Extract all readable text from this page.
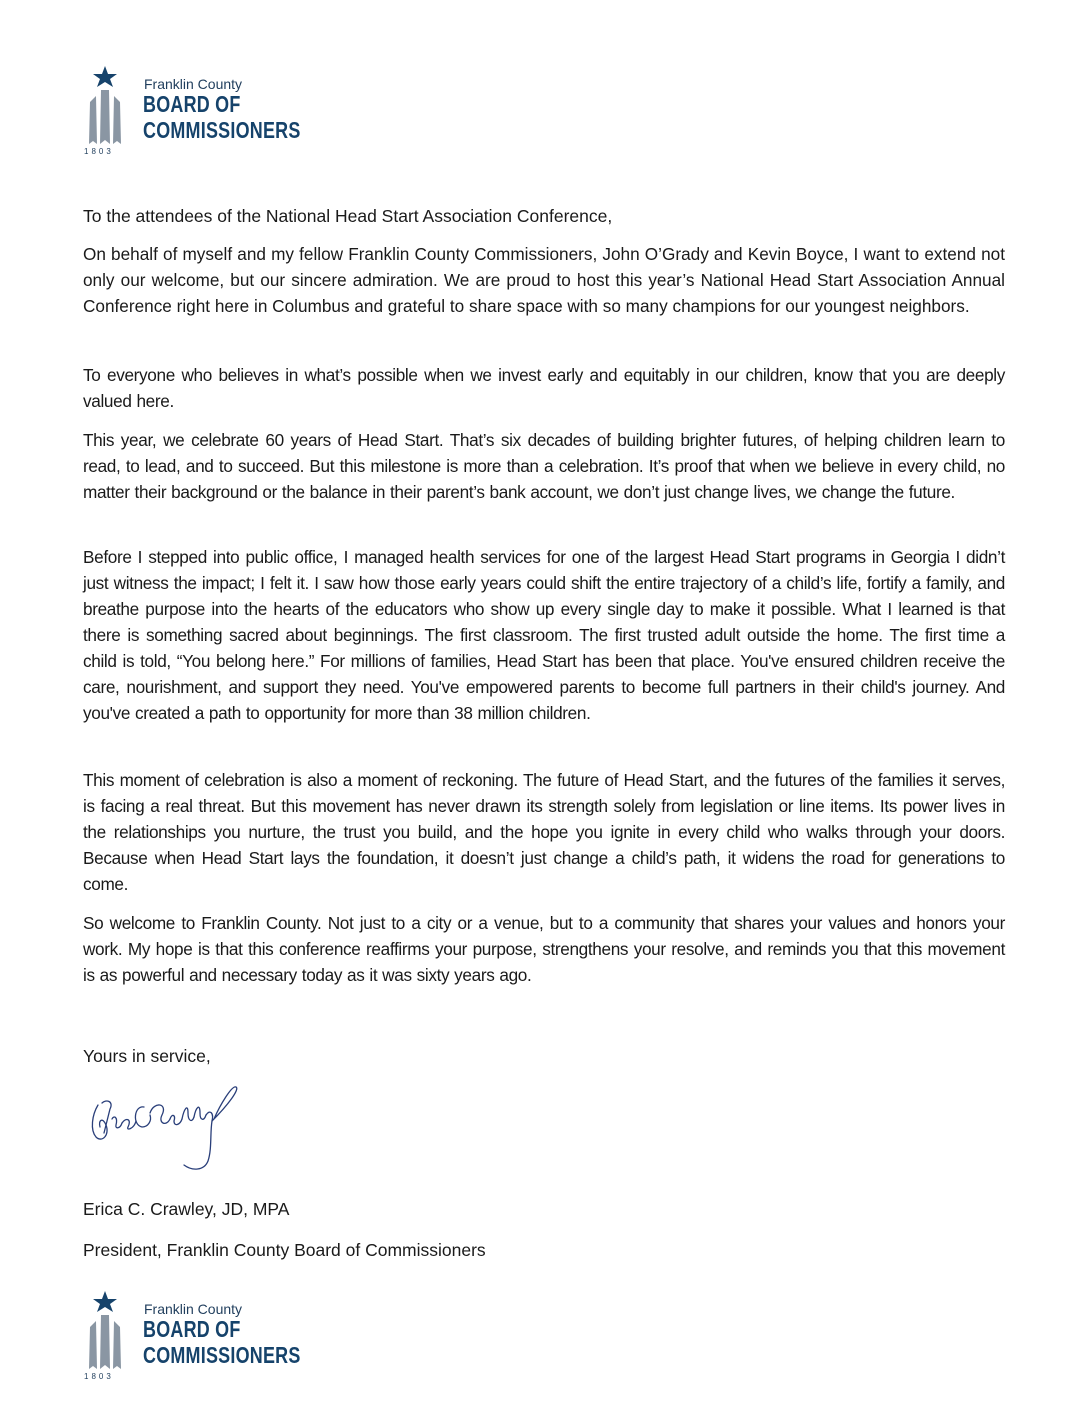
1803
Franklin County
BOARD OF
COMMISSIONERS
To the attendees of the National Head Start Association Conference,

On behalf of myself and my fellow Franklin County Commissioners, John O’Grady and Kevin Boyce, I want to extend not only our welcome, but our sincere admiration. We are proud to host this year’s National Head Start Association Annual Conference right here in Columbus and grateful to share space with so many champions for our youngest neighbors.

To everyone who believes in what’s possible when we invest early and equitably in our children, know that you are deeply valued here.

This year, we celebrate 60 years of Head Start. That’s six decades of building brighter futures, of helping children learn to read, to lead, and to succeed. But this milestone is more than a celebration. It’s proof that when we believe in every child, no matter their background or the balance in their parent’s bank account, we don’t just change lives, we change the future.

Before I stepped into public office, I managed health services for one of the largest Head Start programs in Georgia I didn’t just witness the impact; I felt it. I saw how those early years could shift the entire trajectory of a child’s life, fortify a family, and breathe purpose into the hearts of the educators who show up every single day to make it possible. What I learned is that there is something sacred about beginnings. The first classroom. The first trusted adult outside the home. The first time a child is told, “You belong here.” For millions of families, Head Start has been that place. You've ensured children receive the care, nourishment, and support they need. You've empowered parents to become full partners in their child's journey. And you've created a path to opportunity for more than 38 million children.

This moment of celebration is also a moment of reckoning. The future of Head Start, and the futures of the families it serves, is facing a real threat. But this movement has never drawn its strength solely from legislation or line items. Its power lives in the relationships you nurture, the trust you build, and the hope you ignite in every child who walks through your doors. Because when Head Start lays the foundation, it doesn’t just change a child’s path, it widens the road for generations to come.

So welcome to Franklin County. Not just to a city or a venue, but to a community that shares your values and honors your work. My hope is that this conference reaffirms your purpose, strengthens your resolve, and reminds you that this movement is as powerful and necessary today as it was sixty years ago.

Yours in service,
Erica C. Crawley, JD, MPA
President, Franklin County Board of Commissioners
1803
Franklin County
BOARD OF
COMMISSIONERS
